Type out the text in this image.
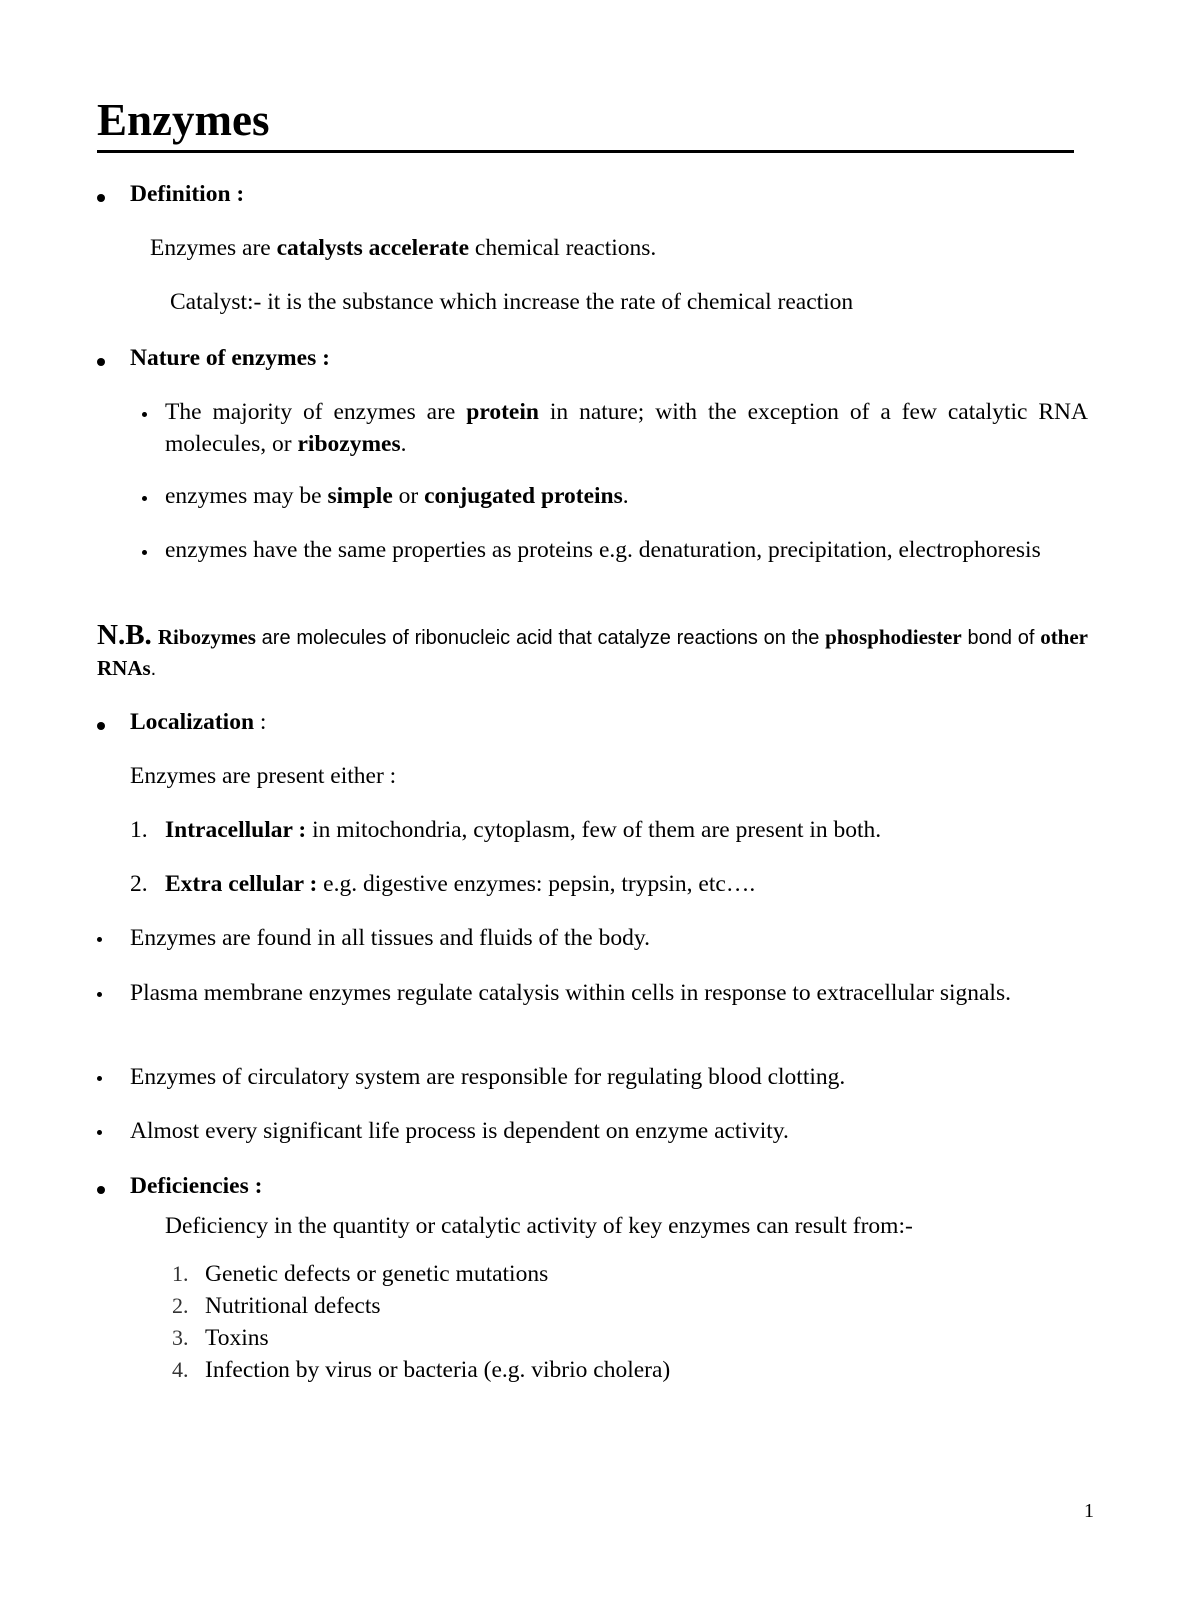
Enzymes
Definition :
Enzymes are catalysts accelerate chemical reactions.
Catalyst:- it is the substance which increase the rate of chemical reaction
Nature of enzymes :
The majority of enzymes are protein in nature; with the exception of a few catalytic RNA molecules, or ribozymes.
enzymes may be simple or conjugated proteins.
enzymes have the same properties as proteins e.g. denaturation, precipitation, electrophoresis
N.B. Ribozymes are molecules of ribonucleic acid that catalyze reactions on the phosphodiester bond of other RNAs.
Localization :
Enzymes are present either :
1. Intracellular : in mitochondria, cytoplasm, few of them are present in both.
2. Extra cellular : e.g. digestive enzymes: pepsin, trypsin, etc….
Enzymes are found in all tissues and fluids of the body.
Plasma membrane enzymes regulate catalysis within cells in response to extracellular signals.
Enzymes of circulatory system are responsible for regulating blood clotting.
Almost every significant life process is dependent on enzyme activity.
Deficiencies :
Deficiency in the quantity or catalytic activity of key enzymes can result from:-
1. Genetic defects or genetic mutations
2. Nutritional defects
3. Toxins
4. Infection by virus or bacteria (e.g. vibrio cholera)
1
